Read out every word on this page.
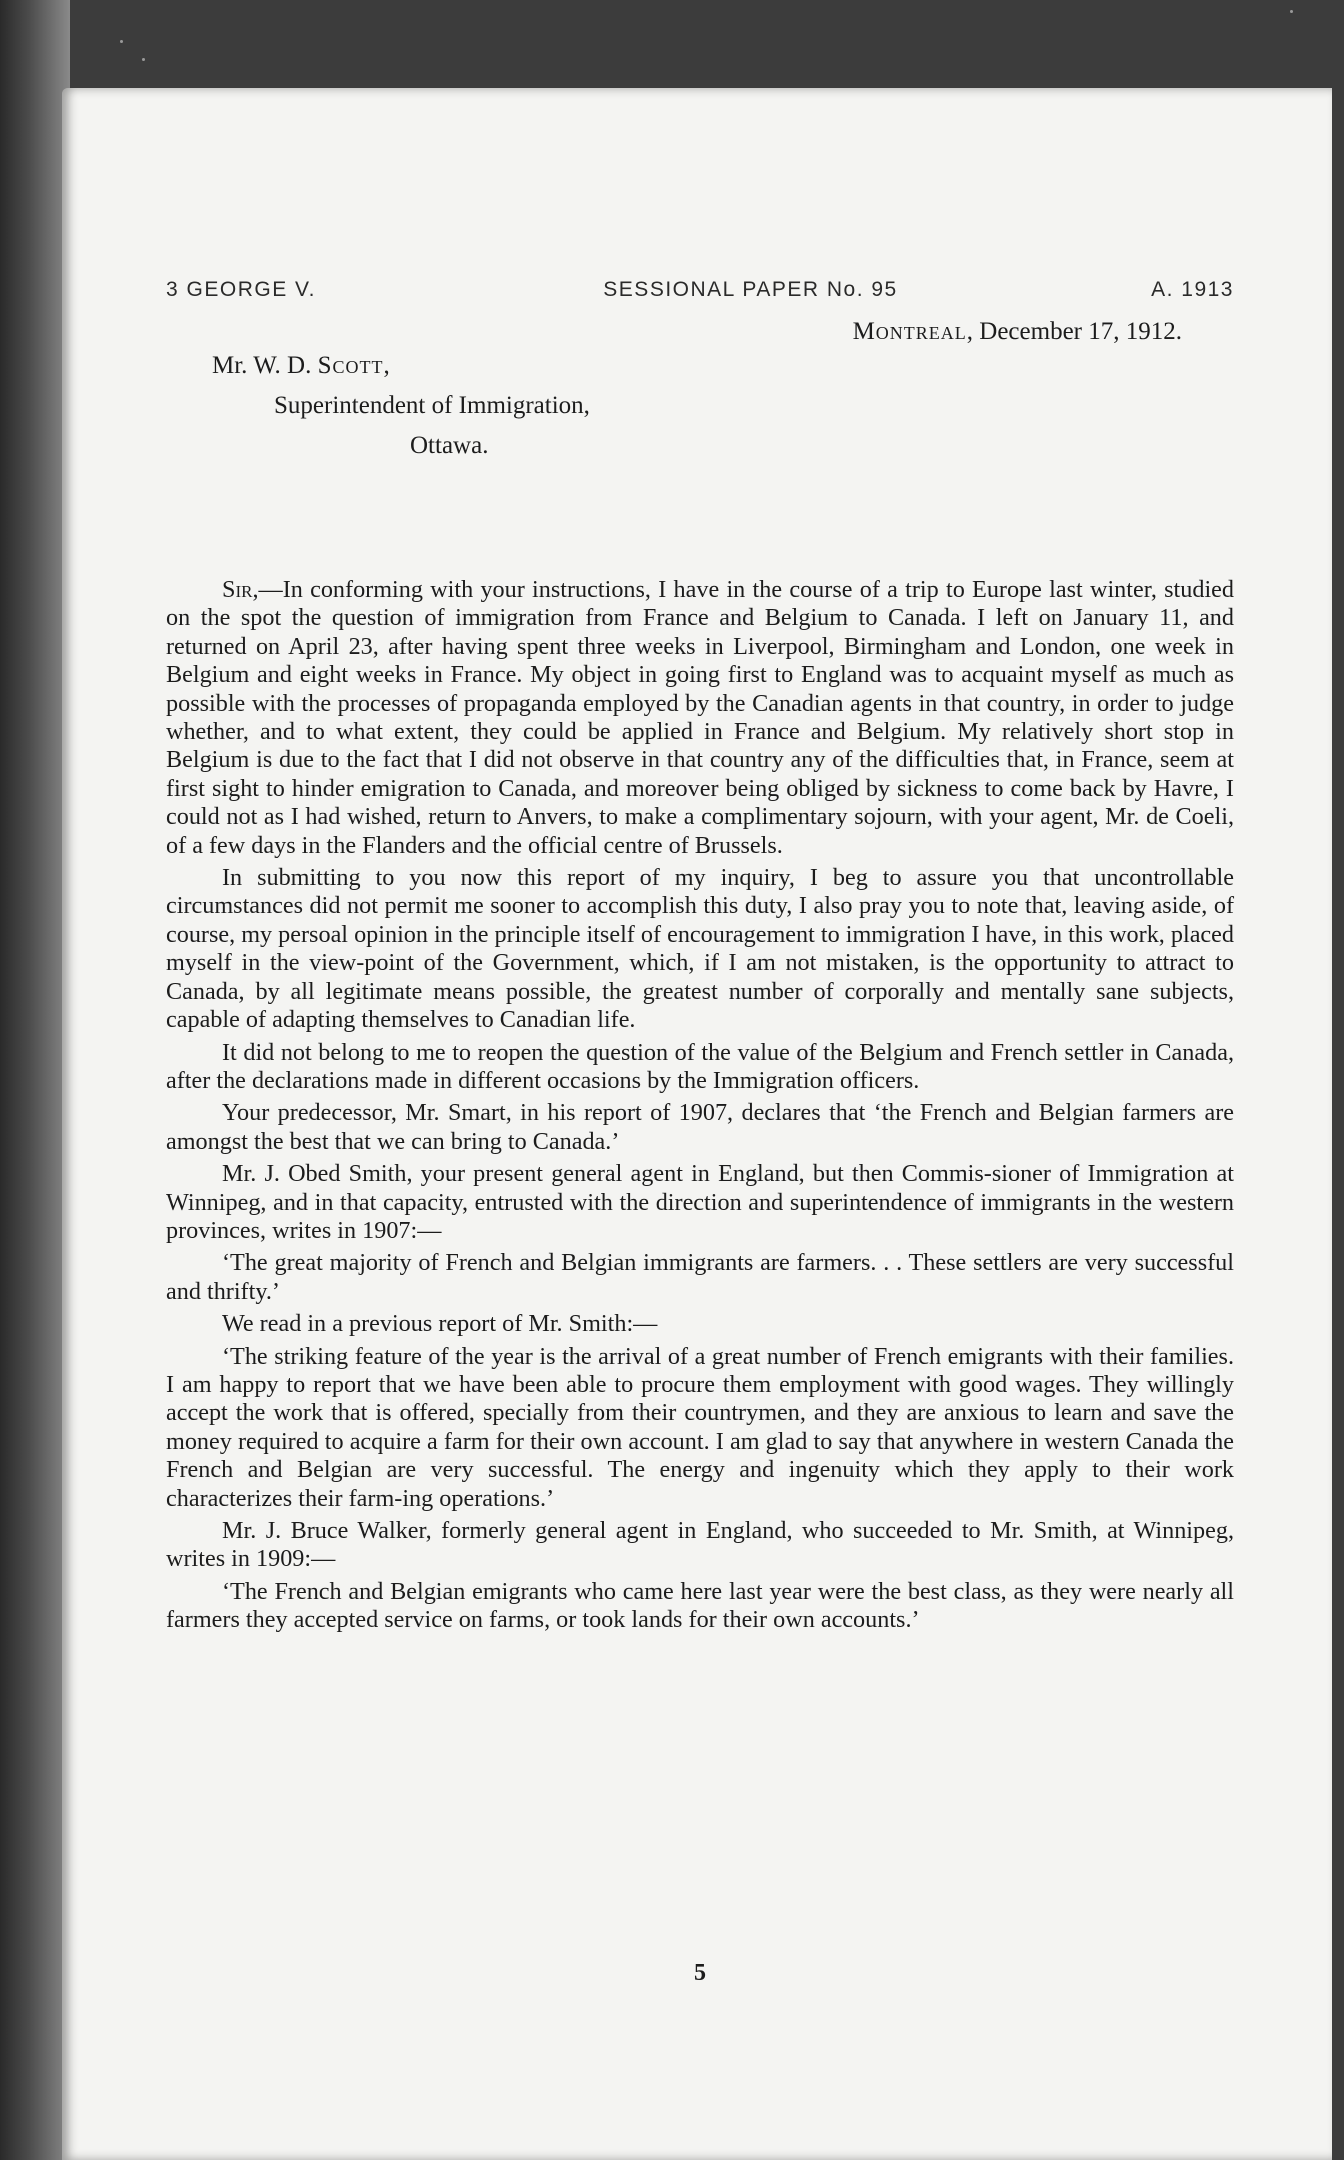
3 GEORGE V.	SESSIONAL PAPER No. 95	A. 1913
Montreal, December 17, 1912.
Mr. W. D. Scott,
Superintendent of Immigration,
Ottawa.

Sir,—In conforming with your instructions, I have in the course of a trip to Europe last winter, studied on the spot the question of immigration from France and Belgium to Canada. I left on January 11, and returned on April 23, after having spent three weeks in Liverpool, Birmingham and London, one week in Belgium and eight weeks in France. My object in going first to England was to acquaint myself as much as possible with the processes of propaganda employed by the Canadian agents in that country, in order to judge whether, and to what extent, they could be applied in France and Belgium. My relatively short stop in Belgium is due to the fact that I did not observe in that country any of the difficulties that, in France, seem at first sight to hinder emigration to Canada, and moreover being obliged by sickness to come back by Havre, I could not as I had wished, return to Anvers, to make a complimentary sojourn, with your agent, Mr. de Coeli, of a few days in the Flanders and the official centre of Brussels.

In submitting to you now this report of my inquiry, I beg to assure you that uncontrollable circumstances did not permit me sooner to accomplish this duty, I also pray you to note that, leaving aside, of course, my persoal opinion in the principle itself of encouragement to immigration I have, in this work, placed myself in the view-point of the Government, which, if I am not mistaken, is the opportunity to attract to Canada, by all legitimate means possible, the greatest number of corporally and mentally sane subjects, capable of adapting themselves to Canadian life.

It did not belong to me to reopen the question of the value of the Belgium and French settler in Canada, after the declarations made in different occasions by the Immigration officers.

Your predecessor, Mr. Smart, in his report of 1907, declares that ‘the French and Belgian farmers are amongst the best that we can bring to Canada.’

Mr. J. Obed Smith, your present general agent in England, but then Commis-sioner of Immigration at Winnipeg, and in that capacity, entrusted with the direction and superintendence of immigrants in the western provinces, writes in 1907:—

‘The great majority of French and Belgian immigrants are farmers. . . These settlers are very successful and thrifty.’

We read in a previous report of Mr. Smith:—

‘The striking feature of the year is the arrival of a great number of French emigrants with their families. I am happy to report that we have been able to procure them employment with good wages. They willingly accept the work that is offered, specially from their countrymen, and they are anxious to learn and save the money required to acquire a farm for their own account. I am glad to say that anywhere in western Canada the French and Belgian are very successful. The energy and ingenuity which they apply to their work characterizes their farm-ing operations.’

Mr. J. Bruce Walker, formerly general agent in England, who succeeded to Mr. Smith, at Winnipeg, writes in 1909:—

‘The French and Belgian emigrants who came here last year were the best class, as they were nearly all farmers they accepted service on farms, or took lands for their own accounts.’

5
